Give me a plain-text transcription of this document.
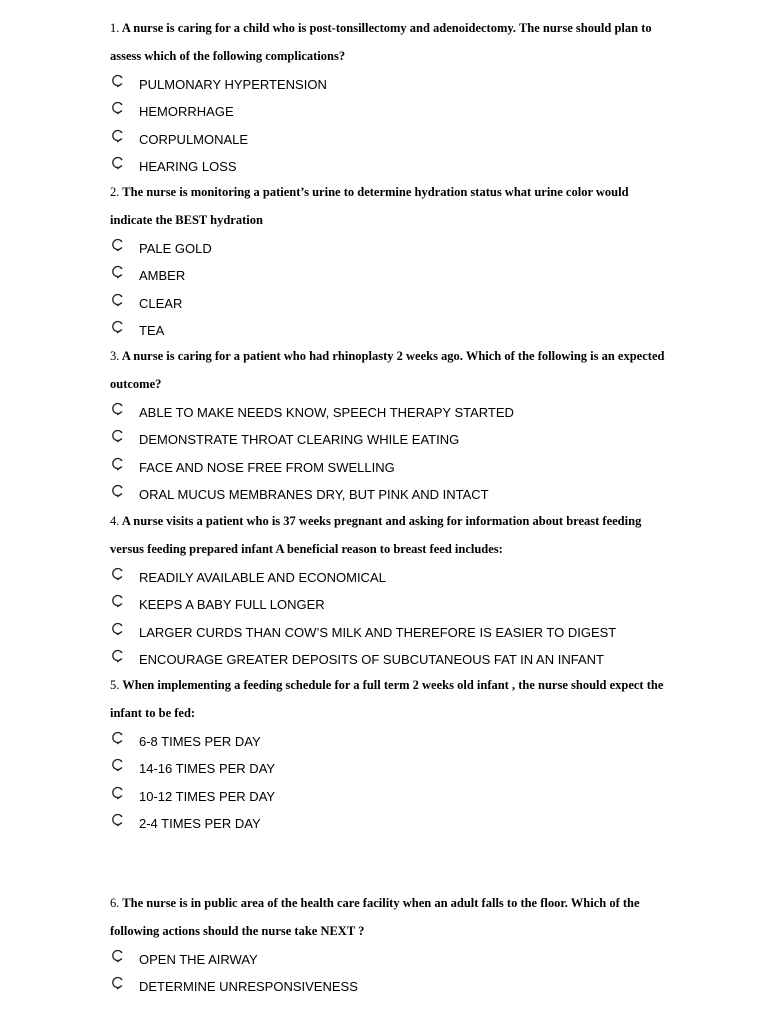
1. A nurse is caring for a child who is post-tonsillectomy and adenoidectomy. The nurse should plan to
assess which of the following complications?
PULMONARY HYPERTENSION
HEMORRHAGE
CORPULMONALE
HEARING LOSS
2. The nurse is monitoring a patient’s urine to determine hydration status what urine color would
indicate the BEST hydration
PALE GOLD
AMBER
CLEAR
TEA
3. A nurse is caring for a patient who had rhinoplasty 2 weeks ago. Which of the following is an expected
outcome?
ABLE TO MAKE NEEDS KNOW, SPEECH THERAPY STARTED
DEMONSTRATE THROAT CLEARING WHILE EATING
FACE AND NOSE FREE FROM SWELLING
ORAL MUCUS MEMBRANES DRY, BUT PINK AND INTACT
4. A nurse visits a patient who is 37 weeks pregnant and asking for information about breast feeding
versus feeding prepared infant A beneficial reason to breast feed includes:
READILY AVAILABLE AND ECONOMICAL
KEEPS A BABY FULL LONGER
LARGER CURDS THAN COW’S MILK AND THEREFORE IS EASIER TO DIGEST
ENCOURAGE GREATER DEPOSITS OF SUBCUTANEOUS FAT IN AN INFANT
5. When implementing a feeding schedule for a full term 2 weeks old infant , the nurse should expect the
infant to be fed:
6-8 TIMES PER DAY
14-16 TIMES PER DAY
10-12 TIMES PER DAY
2-4 TIMES PER DAY
6. The nurse is in public area of the health care facility when an adult falls to the floor. Which of the
following actions should the nurse take NEXT ?
OPEN THE AIRWAY
DETERMINE UNRESPONSIVENESS
